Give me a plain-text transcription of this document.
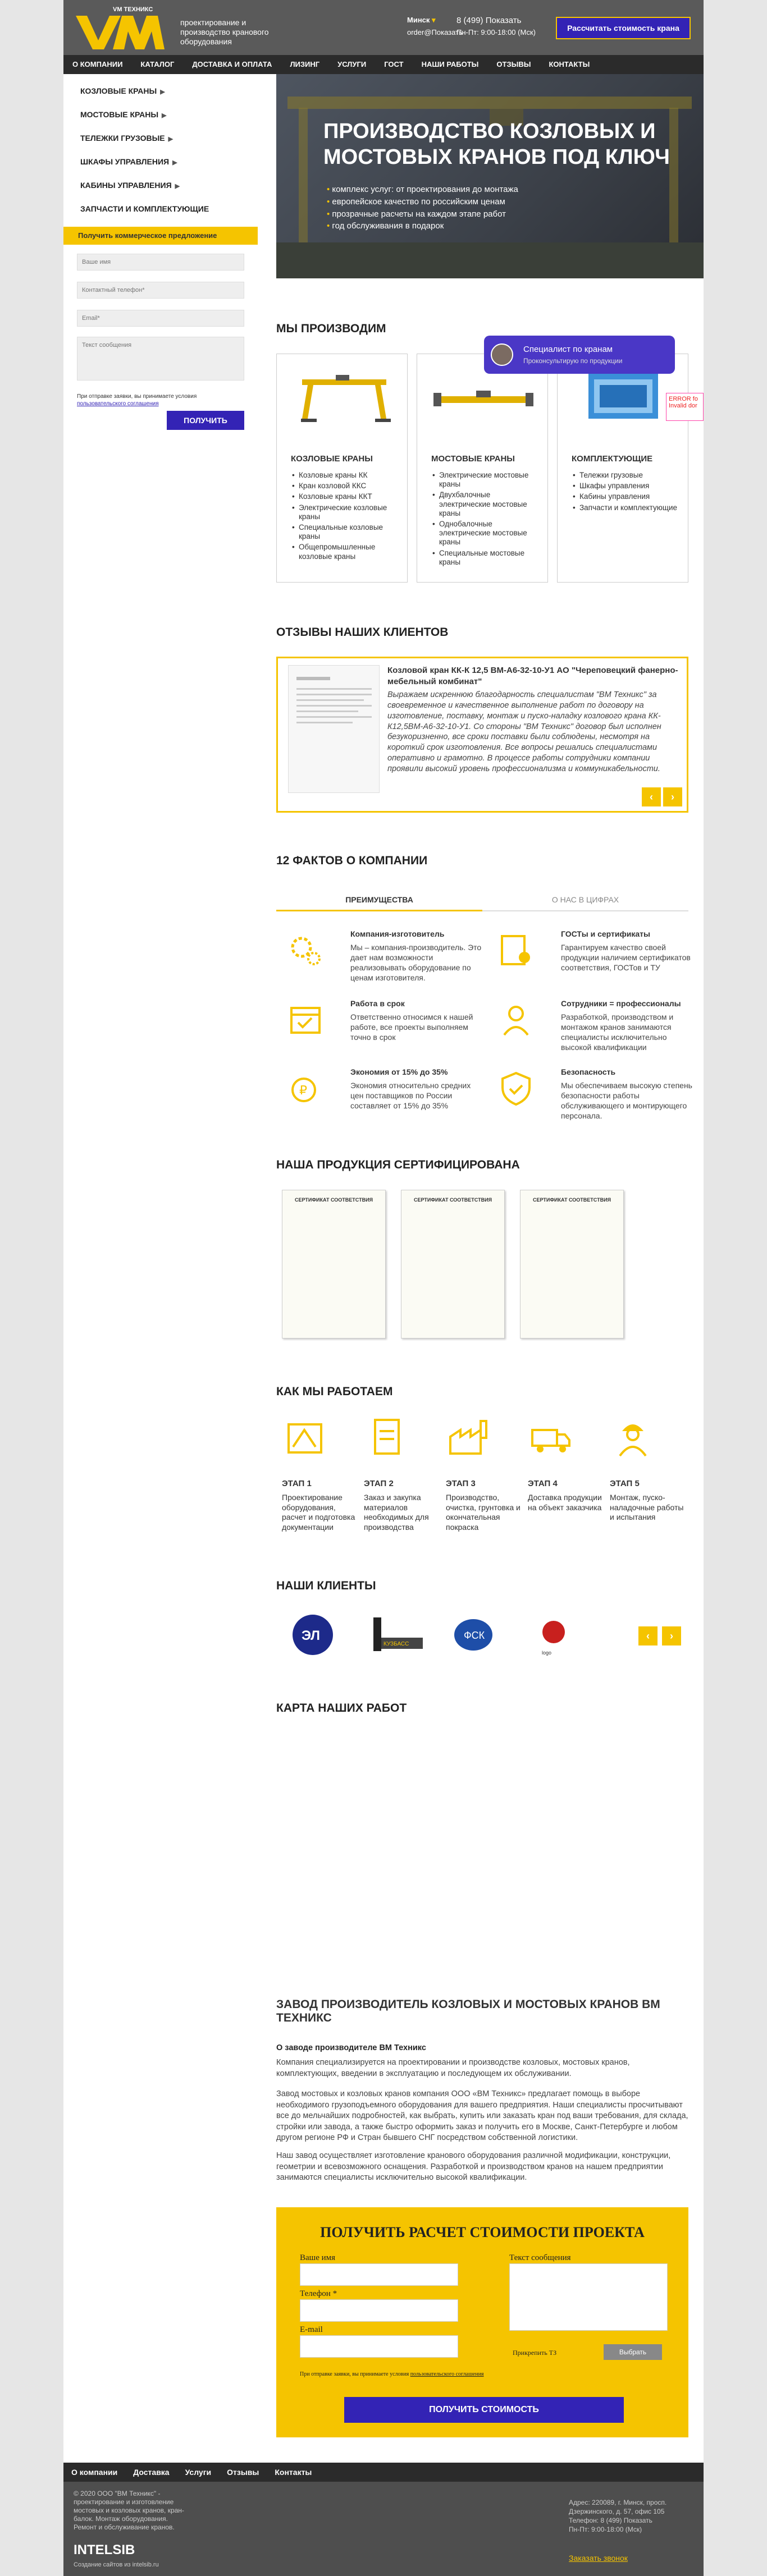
VM ТЕХНИКС
проектирование и производство кранового оборудования
Минск ▾ 8 (499) Показать
order@Показать
Пн-Пт: 9:00-18:00 (Мск)	Рассчитать стоимость крана
О КОМПАНИИ	КАТАЛОГ	ДОСТАВКА И ОПЛАТА	ЛИЗИНГ	УСЛУГИ	ГОСТ	НАШИ РАБОТЫ	ОТЗЫВЫ	КОНТАКТЫ
КОЗЛОВЫЕ КРАНЫ ▶
МОСТОВЫЕ КРАНЫ ▶
ТЕЛЕЖКИ ГРУЗОВЫЕ ▶
ШКАФЫ УПРАВЛЕНИЯ ▶
КАБИНЫ УПРАВЛЕНИЯ ▶
ЗАПЧАСТИ И КОМПЛЕКТУЮЩИЕ
Получить коммерческое предложение
Ваше имя
Контактный телефон*
Email*
Текст сообщения
При отправке заявки, вы принимаете условия пользовательского соглашения
ПОЛУЧИТЬ
ПРОИЗВОДСТВО КОЗЛОВЫХ И МОСТОВЫХ КРАНОВ ПОД КЛЮЧ
• комплекс услуг: от проектирования до монтажа
• европейское качество по российским ценам
• прозрачные расчеты на каждом этапе работ
• год обслуживания в подарок
МЫ ПРОИЗВОДИМ
КОЗЛОВЫЕ КРАНЫ
• Козловые краны КК
• Кран козловой ККС
• Козловые краны ККТ
• Электрические козловые краны
• Специальные козловые краны
• Общепромышленные козловые краны
МОСТОВЫЕ КРАНЫ
• Электрические мостовые краны
• Двухбалочные электрические мостовые краны
• Однобалочные электрические мостовые краны
• Специальные мостовые краны
КОМПЛЕКТУЮЩИЕ
• Тележки грузовые
• Шкафы управления
• Кабины управления
• Запчасти и комплектующие
ОТЗЫВЫ НАШИХ КЛИЕНТОВ
Козловой кран КК-К 12,5 ВМ-А6-32-10-У1 АО "Череповецкий фанерно-мебельный комбинат"
Выражаем искреннюю благодарность специалистам "ВМ Техникс" за своевременное и качественное выполнение работ по договору на изготовление, поставку, монтаж и пуско-наладку козлового крана КК-К12,5ВМ-А6-32-10-У1. Со стороны "ВМ Техникс" договор был исполнен безукоризненно, все сроки поставки были соблюдены, несмотря на короткий срок изготовления. Все вопросы решались специалистами оперативно и грамотно. В процессе работы сотрудники компании проявили высокий уровень профессионализма и коммуникабельности.
‹ ›
12 ФАКТОВ О КОМПАНИИ
ПРЕИМУЩЕСТВА	О НАС В ЦИФРАХ
Компания-изготовитель
Мы – компания-производитель. Это дает нам возможности реализовывать оборудование по ценам изготовителя.
ГОСТы и сертификаты
Гарантируем качество своей продукции наличием сертификатов соответствия, ГОСТов и ТУ
Работа в срок
Ответственно относимся к нашей работе, все проекты выполняем точно в срок
Сотрудники = профессионалы
Разработкой, производством и монтажом кранов занимаются специалисты исключительно высокой квалификации
₽
Экономия от 15% до 35%
Экономия относительно средних цен поставщиков по России составляет от 15% до 35%
Безопасность
Мы обеспечиваем высокую степень безопасности работы обслуживающего и монтирующего персонала.
НАША ПРОДУКЦИЯ СЕРТИФИЦИРОВАНА
СЕРТИФИКАТ СООТВЕТСТВИЯ	СЕРТИФИКАТ СООТВЕТСТВИЯ	СЕРТИФИКАТ СООТВЕТСТВИЯ
КАК МЫ РАБОТАЕМ
ЭТАП 1
Проектирование оборудования, расчет и подготовка документации
ЭТАП 2
Заказ и закупка материалов необходимых для производства
ЭТАП 3
Производство, очистка, грунтовка и окончательная покраска
ЭТАП 4
Доставка продукции на объект заказчика
ЭТАП 5
Монтаж, пуско-наладочные работы и испытания
НАШИ КЛИЕНТЫ
ЭЛ
КУЗБАСС
ФСК
logo
‹ ›
КАРТА НАШИХ РАБОТ
ЗАВОД ПРОИЗВОДИТЕЛЬ КОЗЛОВЫХ И МОСТОВЫХ КРАНОВ ВМ ТЕХНИКС
О заводе производителе ВМ Техникс
Компания специализируется на проектировании и производстве козловых, мостовых кранов, комплектующих, введении в эксплуатацию и последующем их обслуживании.
Завод мостовых и козловых кранов компания ООО «ВМ Техникс» предлагает помощь в выборе необходимого грузоподъемного оборудования для вашего предприятия. Наши специалисты просчитывают все до мельчайших подробностей, как выбрать, купить или заказать кран под ваши требования, для склада, стройки или завода, а также быстро оформить заказ и получить его в Москве, Санкт-Петербурге и любом другом регионе РФ и Стран бывшего СНГ посредством собственной логистики.
Наш завод осуществляет изготовление кранового оборудования различной модификации, конструкции, геометрии и всевозможного оснащения. Разработкой и производством кранов на нашем предприятии занимаются специалисты исключительно высокой квалификации.
ПОЛУЧИТЬ РАСЧЕТ СТОИМОСТИ ПРОЕКТА
Ваше имя
Телефон *
E-mail
Текст сообщения
Прикрепить ТЗ	Выбрать
При отправке заявки, вы принимаете условия пользовательского соглашения
ПОЛУЧИТЬ СТОИМОСТЬ
О компании	Доставка	Услуги	Отзывы	Контакты
© 2020 ООО "ВМ Техникс" - проектирование и изготовление мостовых и козловых кранов, кран-балок. Монтаж оборудования. Ремонт и обслуживание кранов.
INTELSIB
Создание сайтов из intelsib.ru
Адрес: 220089, г. Минск, просп. Дзержинского, д. 57, офис 105
Телефон: 8 (499) Показать
Пн-Пт: 9:00-18:00 (Мск)
Заказать звонок
Специалист по кранам
Проконсультирую по продукции
ERROR fo Invalid dor
